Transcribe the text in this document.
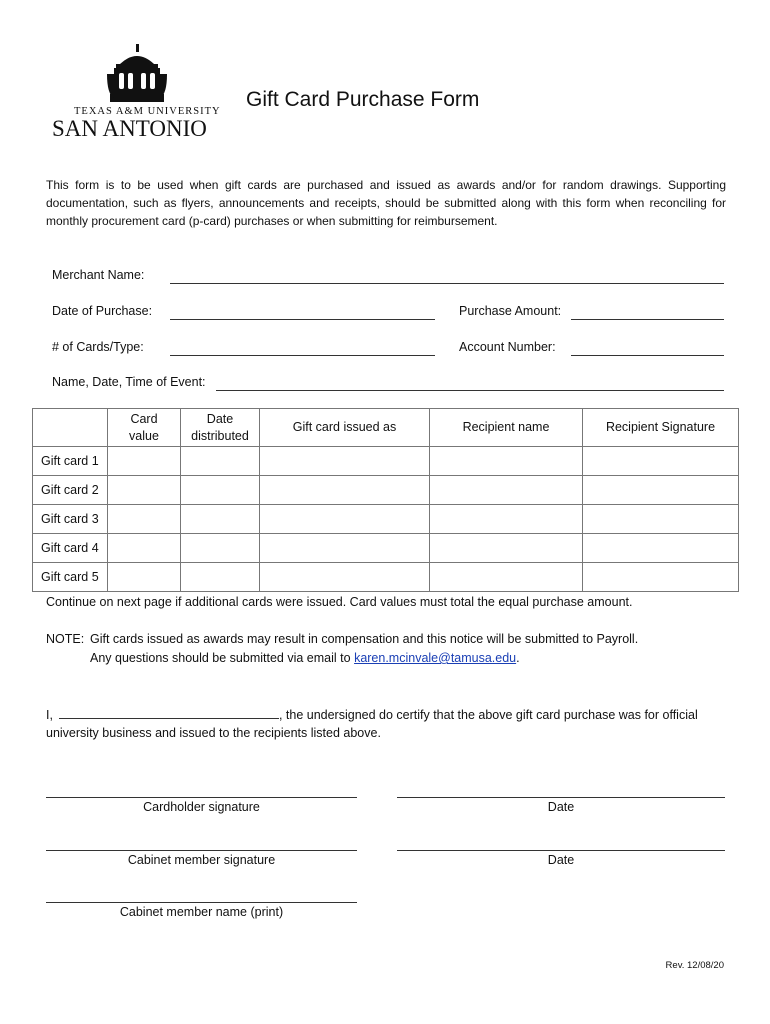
TEXAS A&M UNIVERSITY
SAN ANTONIO
Gift Card Purchase Form
This form is to be used when gift cards are purchased and issued as awards and/or for random drawings. Supporting documentation, such as flyers, announcements and receipts, should be submitted along with this form when reconciling for monthly procurement card (p-card) purchases or when submitting for reimbursement.
Merchant Name:
Date of Purchase:	Purchase Amount:
# of Cards/Type:	Account Number:
Name, Date, Time of Event:
	Card value	Date distributed	Gift card issued as	Recipient name	Recipient Signature
Gift card 1					
Gift card 2					
Gift card 3					
Gift card 4					
Gift card 5					
Continue on next page if additional cards were issued. Card values must total the equal purchase amount.
NOTE: Gift cards issued as awards may result in compensation and this notice will be submitted to Payroll.
Any questions should be submitted via email to karen.mcinvale@tamusa.edu.
I,	, the undersigned do certify that the above gift card purchase was for official university business and issued to the recipients listed above.
Cardholder signature	Date
Cabinet member signature	Date
Cabinet member name (print)
Rev. 12/08/20
